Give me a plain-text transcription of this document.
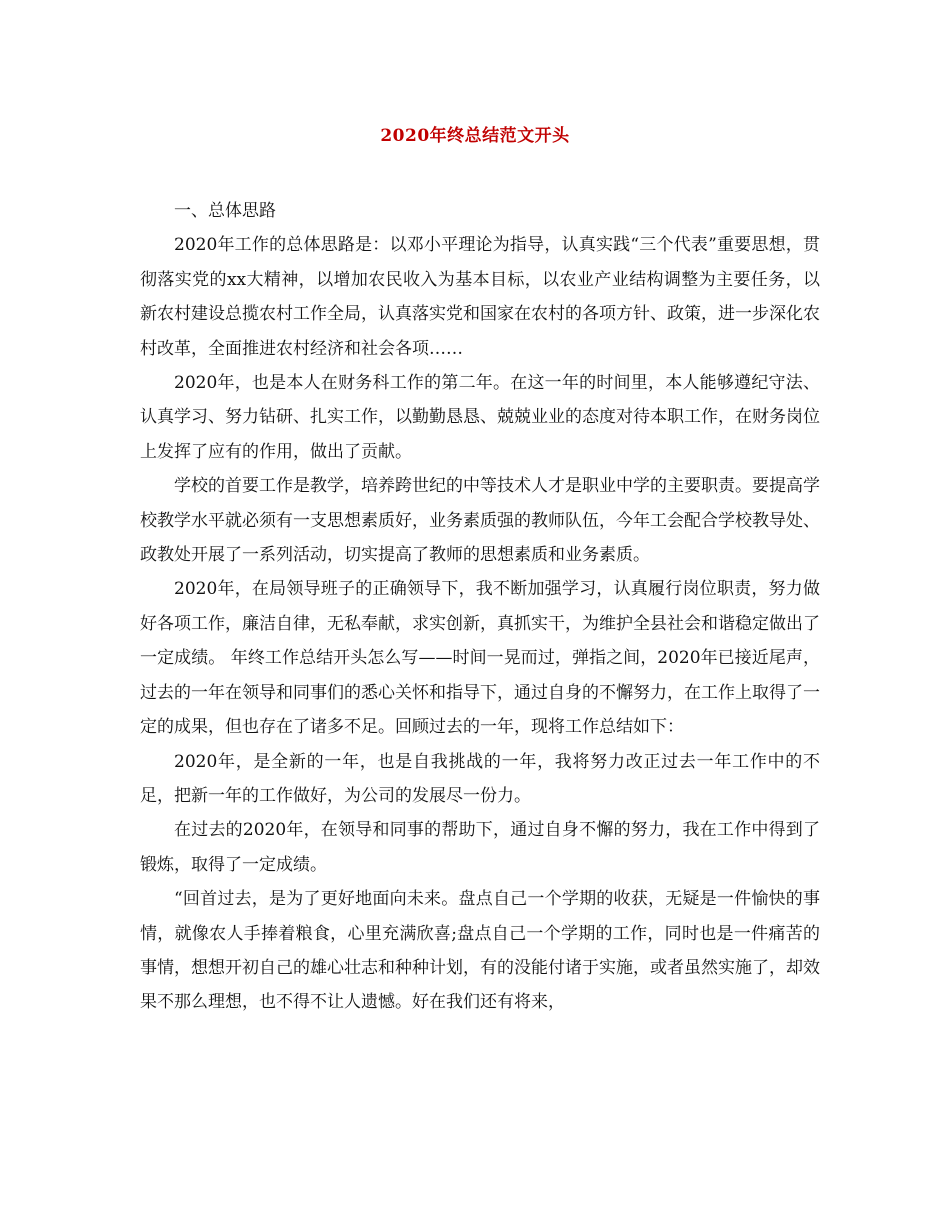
2020年终总结范文开头

一、总体思路

2020年工作的总体思路是：以邓小平理论为指导，认真实践“三个代表”重要思想，贯彻落实党的xx大精神，以增加农民收入为基本目标，以农业产业结构调整为主要任务，以新农村建设总揽农村工作全局，认真落实党和国家在农村的各项方针、政策，进一步深化农村改革，全面推进农村经济和社会各项……

2020年，也是本人在财务科工作的第二年。在这一年的时间里，本人能够遵纪守法、认真学习、努力钻研、扎实工作，以勤勤恳恳、兢兢业业的态度对待本职工作，在财务岗位上发挥了应有的作用，做出了贡献。

学校的首要工作是教学，培养跨世纪的中等技术人才是职业中学的主要职责。要提高学校教学水平就必须有一支思想素质好，业务素质强的教师队伍，今年工会配合学校教导处、政教处开展了一系列活动，切实提高了教师的思想素质和业务素质。

2020年，在局领导班子的正确领导下，我不断加强学习，认真履行岗位职责，努力做好各项工作，廉洁自律，无私奉献，求实创新，真抓实干，为维护全县社会和谐稳定做出了一定成绩。 年终工作总结开头怎么写——时间一晃而过，弹指之间，2020年已接近尾声，过去的一年在领导和同事们的悉心关怀和指导下，通过自身的不懈努力，在工作上取得了一定的成果，但也存在了诸多不足。回顾过去的一年，现将工作总结如下：

2020年，是全新的一年，也是自我挑战的一年，我将努力改正过去一年工作中的不足，把新一年的工作做好，为公司的发展尽一份力。

在过去的2020年，在领导和同事的帮助下，通过自身不懈的努力，我在工作中得到了锻炼，取得了一定成绩。

“回首过去，是为了更好地面向未来。盘点自己一个学期的收获，无疑是一件愉快的事情，就像农人手捧着粮食，心里充满欣喜;盘点自己一个学期的工作，同时也是一件痛苦的事情，想想开初自己的雄心壮志和种种计划，有的没能付诸于实施，或者虽然实施了，却效果不那么理想，也不得不让人遗憾。好在我们还有将来，
